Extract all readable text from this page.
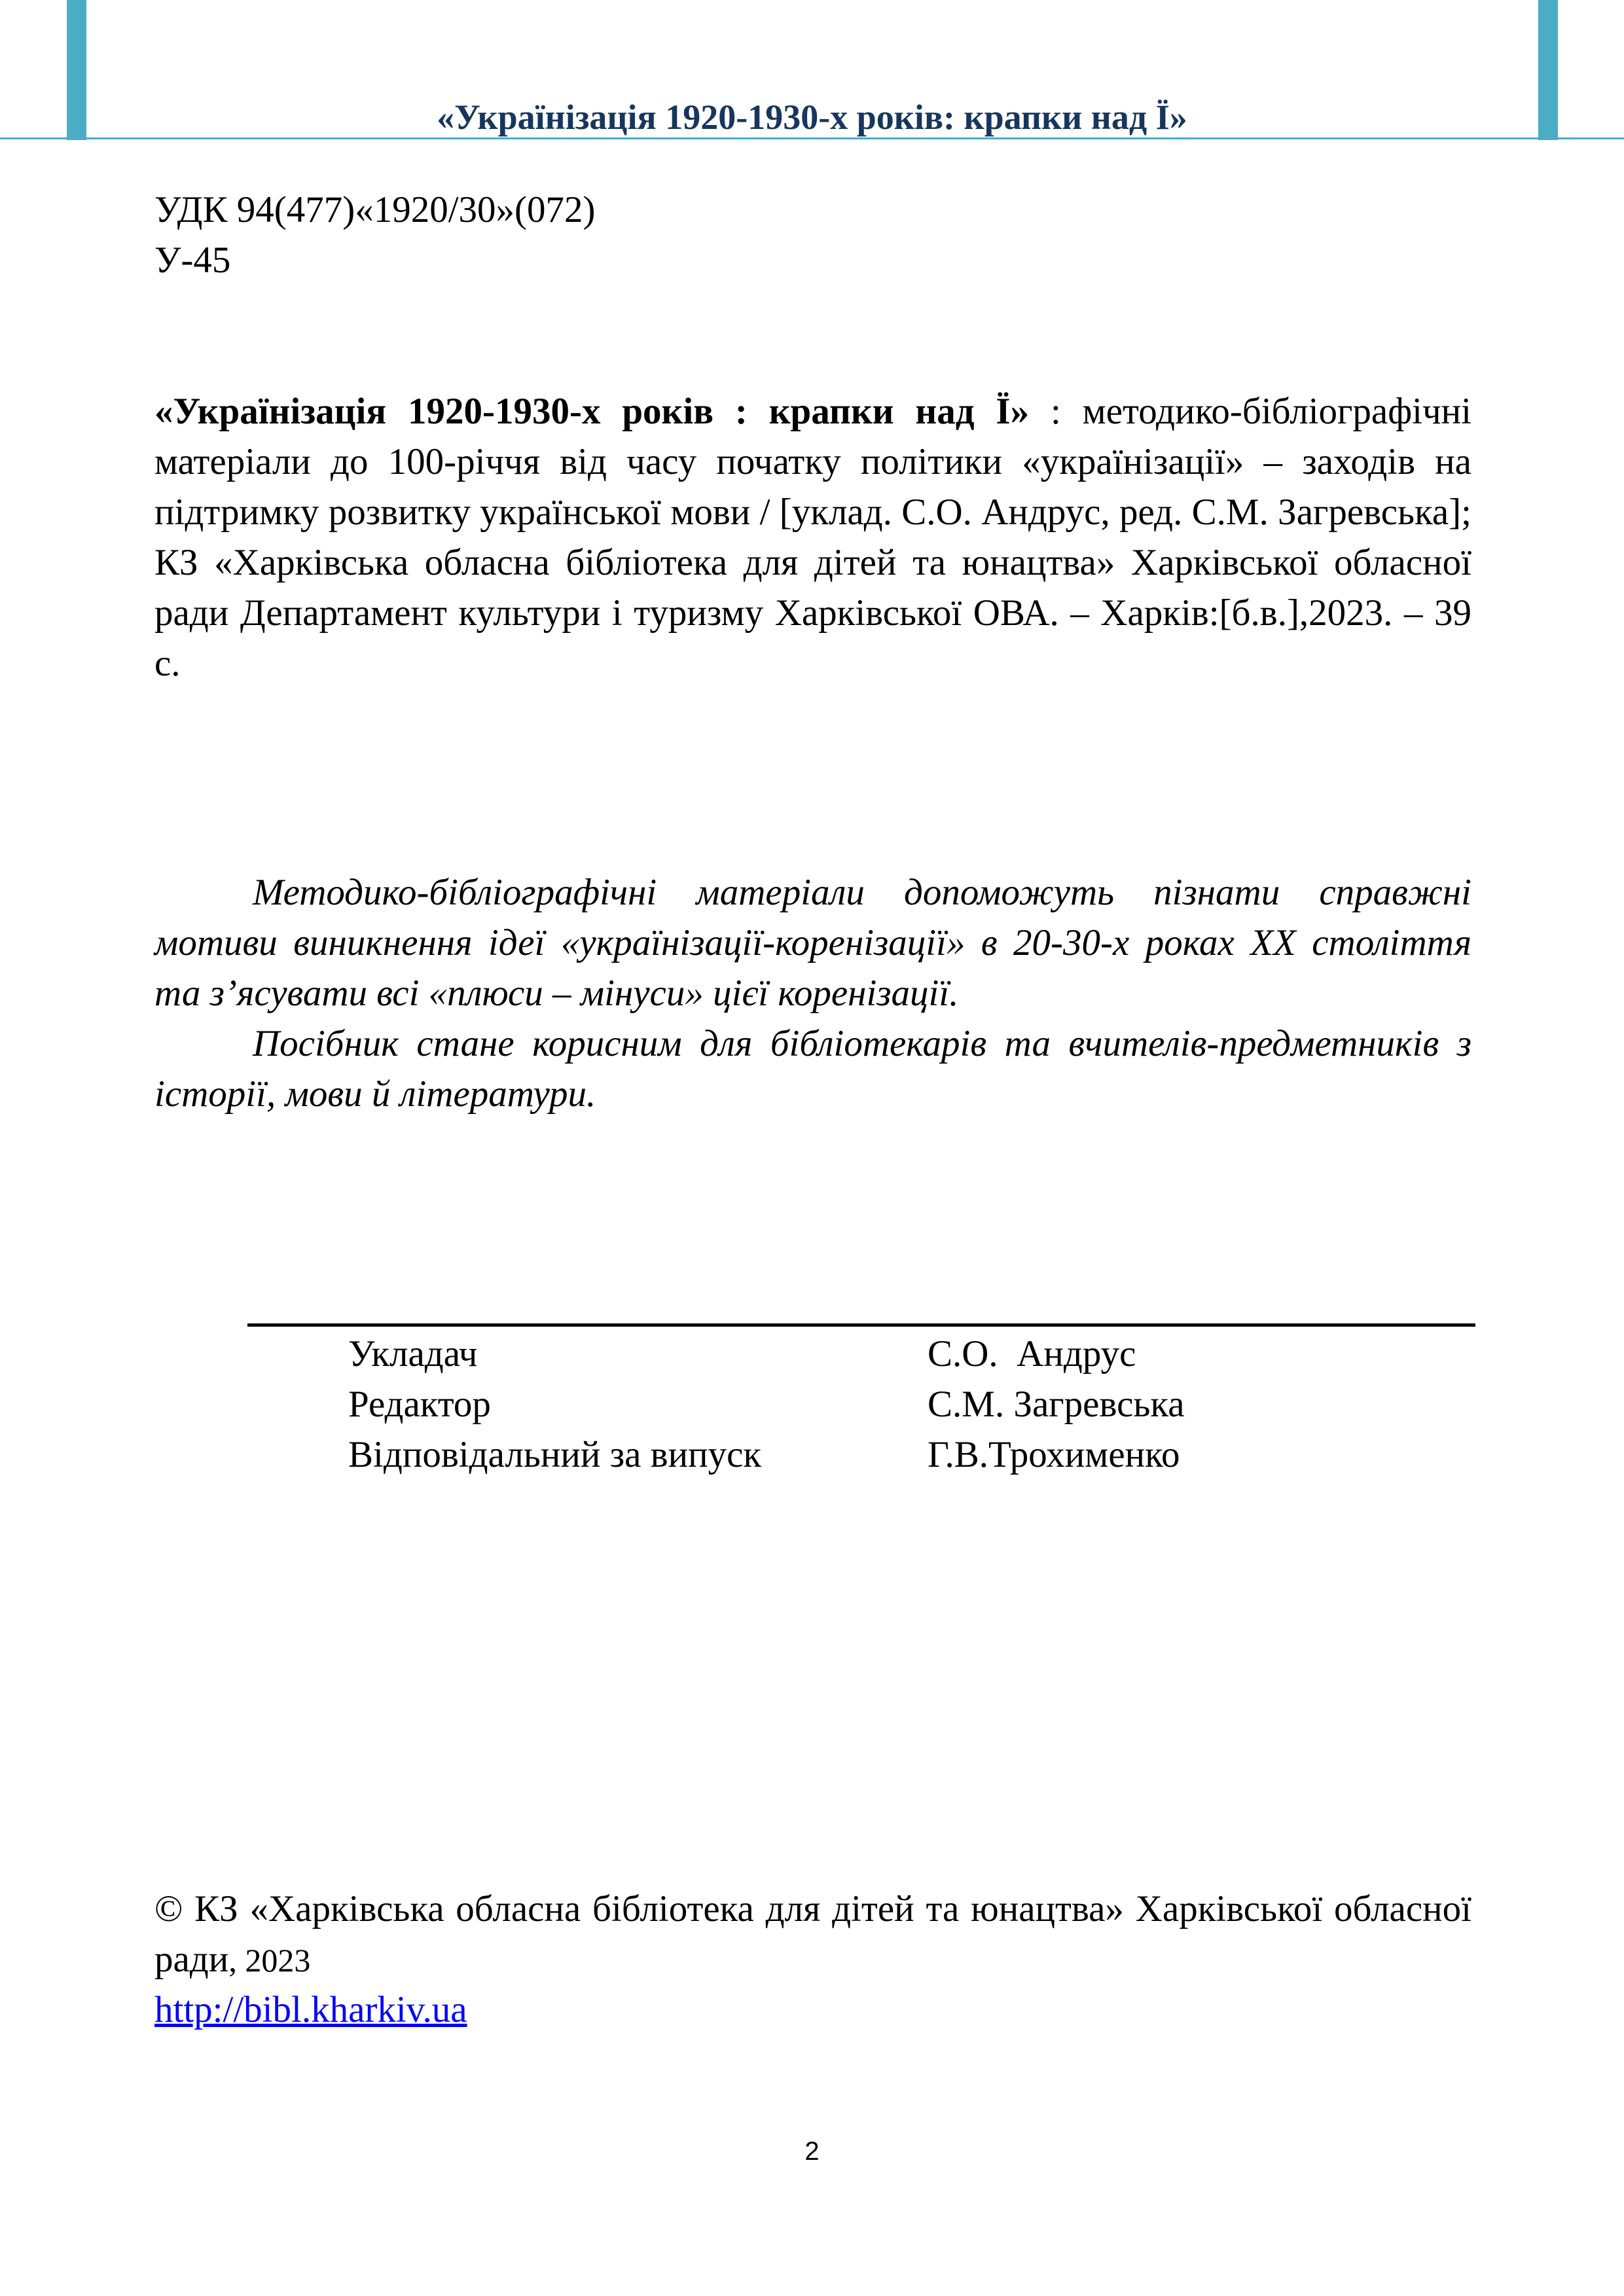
«Українізація 1920-1930-х років: крапки над Ї»
УДК 94(477)«1920/30»(072)
У-45
«Українізація 1920-1930-х років : крапки над Ї» : методико-бібліографічні матеріали до 100-річчя від часу початку політики «українізації» – заходів на підтримку розвитку української мови / [уклад. С.О. Андрус, ред. С.М. Загревська]; КЗ «Харківська обласна бібліотека для дітей та юнацтва» Харківської обласної ради Департамент культури і туризму Харківської ОВА. – Харків:[б.в.],2023. – 39 с.

Методико-бібліографічні матеріали допоможуть пізнати справжні мотиви виникнення ідеї «українізації-коренізації» в 20-30-х роках XX століття та з’ясувати всі «плюси – мінуси» цієї коренізації.

Посібник стане корисним для бібліотекарів та вчителів-предметників з історії, мови й літератури.

Укладач	С.О.  Андрус
Редактор	С.М. Загревська
Відповідальний за випуск	Г.В.Трохименко
© КЗ «Харківська обласна бібліотека для дітей та юнацтва» Харківської обласної ради, 2023
http://bibl.kharkiv.ua
2
